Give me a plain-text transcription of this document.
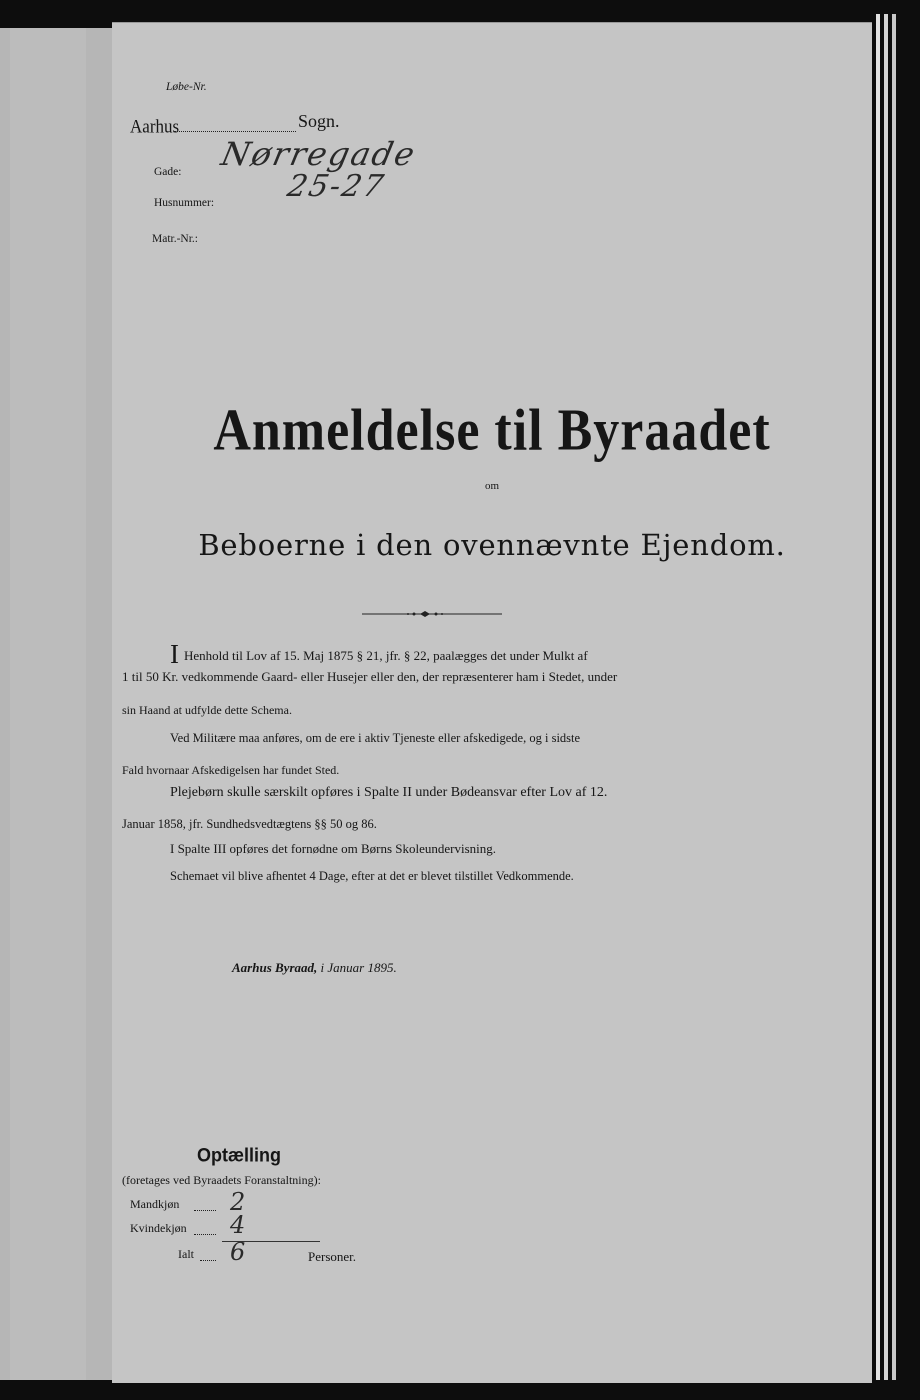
Løbe-Nr.
Aarhus	Sogn.
Gade: Nørregade
Husnummer: 25-27
Matr.-Nr.:
Anmeldelse til Byraadet
om
Beboerne i den ovennævnte Ejendom.
I Henhold til Lov af 15. Maj 1875 § 21, jfr. § 22, paalægges det under Mulkt af
1 til 50 Kr. vedkommende Gaard- eller Husejer eller den, der repræsenterer ham i Stedet, under
sin Haand at udfylde dette Schema.
Ved Militære maa anføres, om de ere i aktiv Tjeneste eller afskedigede, og i sidste
Fald hvornaar Afskedigelsen har fundet Sted.
Plejebørn skulle særskilt opføres i Spalte II under Bødeansvar efter Lov af 12.
Januar 1858, jfr. Sundhedsvedtægtens §§ 50 og 86.
I Spalte III opføres det fornødne om Børns Skoleundervisning.
Schemaet vil blive afhentet 4 Dage, efter at det er blevet tilstillet Vedkommende.
Aarhus Byraad, i Januar 1895.
Optælling
(foretages ved Byraadets Foranstaltning):
Mandkjøn 2
Kvindekjøn 4
Ialt 6	Personer.
